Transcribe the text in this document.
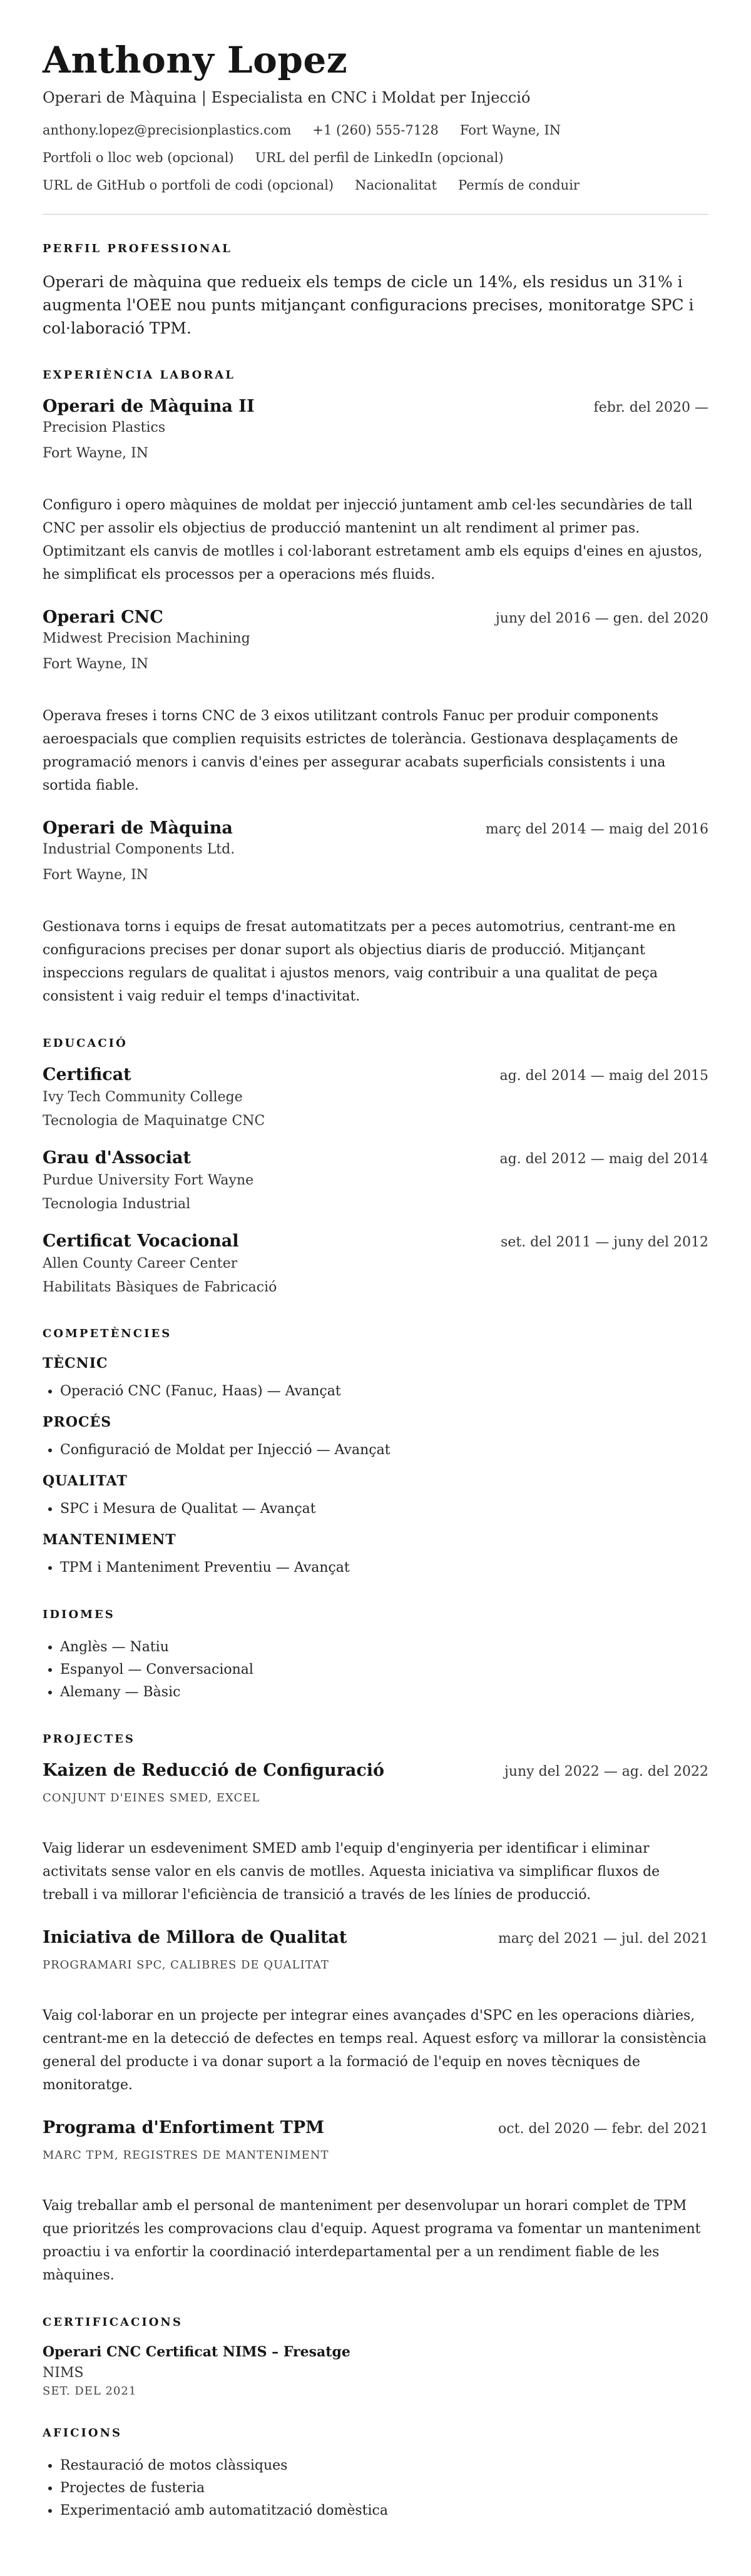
Anthony Lopez
Operari de Màquina | Especialista en CNC i Moldat per Injecció
anthony.lopez@precisionplastics.com +1 (260) 555-7128 Fort Wayne, IN
Portfoli o lloc web (opcional) URL del perfil de LinkedIn (opcional)
URL de GitHub o portfoli de codi (opcional) Nacionalitat Permís de conduir
PERFIL PROFESSIONAL

Operari de màquina que redueix els temps de cicle un 14%, els residus un 31% i augmenta l'OEE nou punts mitjançant configuracions precises, monitoratge SPC i col·laboració TPM.

EXPERIÈNCIA LABORAL
Operari de Màquina II	febr. del 2020 —
Precision Plastics
Fort Wayne, IN
Configuro i opero màquines de moldat per injecció juntament amb cel·les secundàries de tall CNC per assolir els objectius de producció mantenint un alt rendiment al primer pas. Optimitzant els canvis de motlles i col·laborant estretament amb els equips d'eines en ajustos, he simplificat els processos per a operacions més fluids.
Operari CNC	juny del 2016 — gen. del 2020
Midwest Precision Machining
Fort Wayne, IN
Operava freses i torns CNC de 3 eixos utilitzant controls Fanuc per produir components aeroespacials que complien requisits estrictes de tolerància. Gestionava desplaçaments de programació menors i canvis d'eines per assegurar acabats superficials consistents i una sortida fiable.
Operari de Màquina	març del 2014 — maig del 2016
Industrial Components Ltd.
Fort Wayne, IN
Gestionava torns i equips de fresat automatitzats per a peces automotrius, centrant-me en configuracions precises per donar suport als objectius diaris de producció. Mitjançant inspeccions regulars de qualitat i ajustos menors, vaig contribuir a una qualitat de peça consistent i vaig reduir el temps d'inactivitat.
EDUCACIÓ
Certificat	ag. del 2014 — maig del 2015
Ivy Tech Community College
Tecnologia de Maquinatge CNC
Grau d'Associat	ag. del 2012 — maig del 2014
Purdue University Fort Wayne
Tecnologia Industrial
Certificat Vocacional	set. del 2011 — juny del 2012
Allen County Career Center
Habilitats Bàsiques de Fabricació
COMPETÈNCIES
TÈCNIC
• Operació CNC (Fanuc, Haas) — Avançat
PROCÉS
• Configuració de Moldat per Injecció — Avançat
QUALITAT
• SPC i Mesura de Qualitat — Avançat
MANTENIMENT
• TPM i Manteniment Preventiu — Avançat
IDIOMES
• Anglès — Natiu
• Espanyol — Conversacional
• Alemany — Bàsic
PROJECTES
Kaizen de Reducció de Configuració	juny del 2022 — ag. del 2022
CONJUNT D'EINES SMED, EXCEL
Vaig liderar un esdeveniment SMED amb l'equip d'enginyeria per identificar i eliminar activitats sense valor en els canvis de motlles. Aquesta iniciativa va simplificar fluxos de treball i va millorar l'eficiència de transició a través de les línies de producció.
Iniciativa de Millora de Qualitat	març del 2021 — jul. del 2021
PROGRAMARI SPC, CALIBRES DE QUALITAT
Vaig col·laborar en un projecte per integrar eines avançades d'SPC en les operacions diàries, centrant-me en la detecció de defectes en temps real. Aquest esforç va millorar la consistència general del producte i va donar suport a la formació de l'equip en noves tècniques de monitoratge.
Programa d'Enfortiment TPM	oct. del 2020 — febr. del 2021
MARC TPM, REGISTRES DE MANTENIMENT
Vaig treballar amb el personal de manteniment per desenvolupar un horari complet de TPM que prioritzés les comprovacions clau d'equip. Aquest programa va fomentar un manteniment proactiu i va enfortir la coordinació interdepartamental per a un rendiment fiable de les màquines.
CERTIFICACIONS
Operari CNC Certificat NIMS – Fresatge
NIMS
SET. DEL 2021
AFICIONS
• Restauració de motos clàssiques
• Projectes de fusteria
• Experimentació amb automatització domèstica
